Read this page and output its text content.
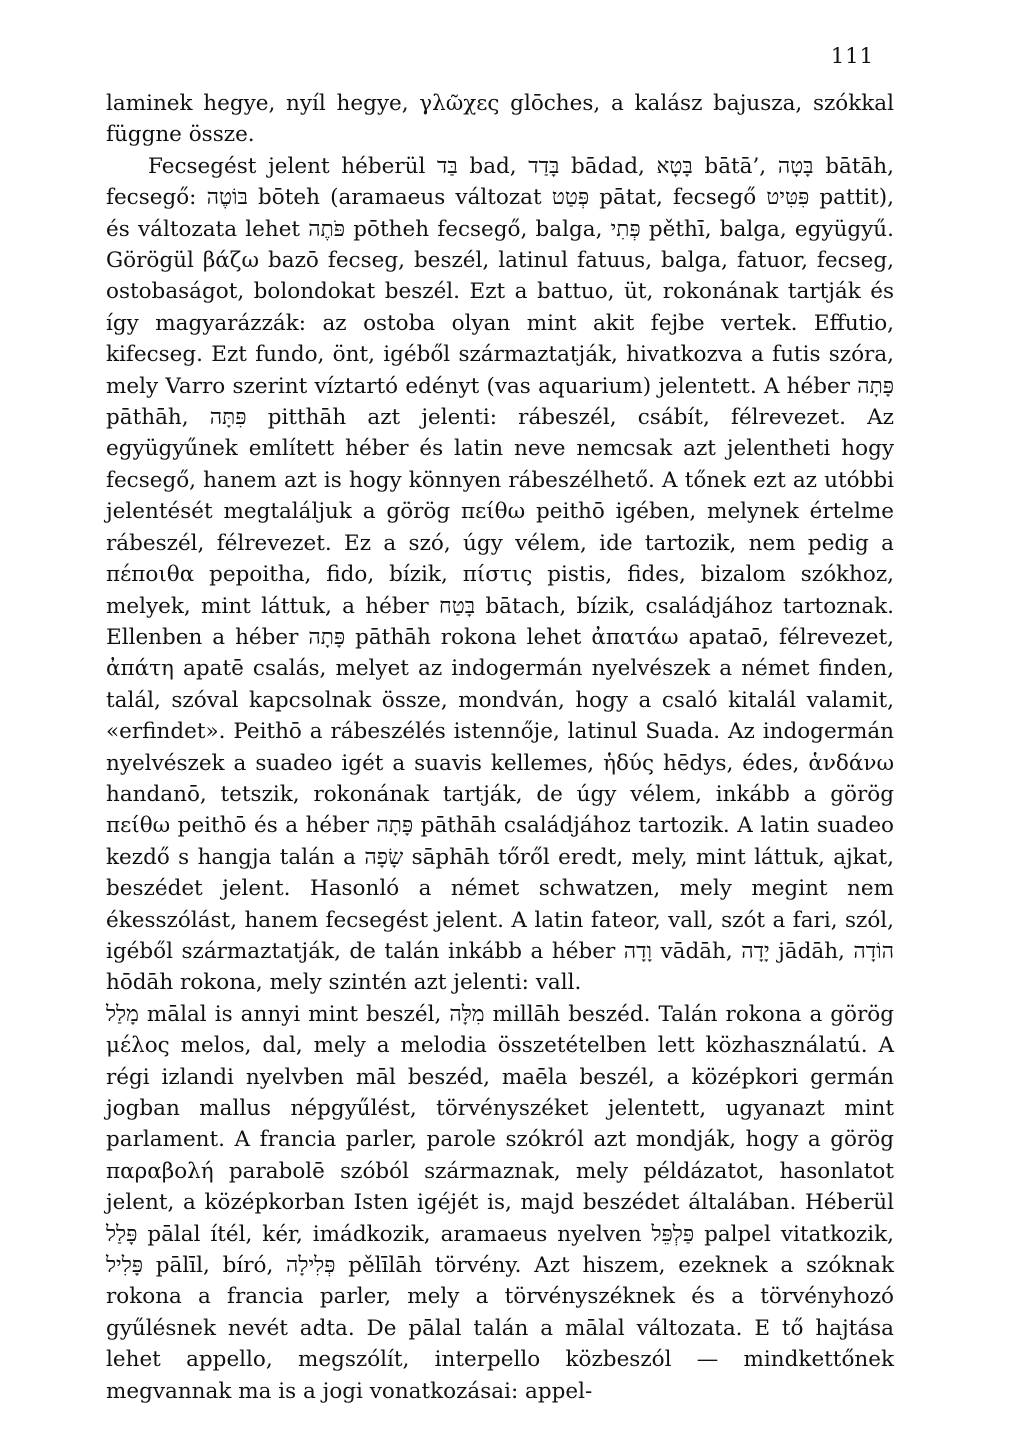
111

laminek hegye, nyíl hegye, γλῶχες glōches, a kalász bajusza, szókkal függne össze.

Fecsegést jelent héberül בַּד bad, בָּדַד bādad, בָּטָא bātā’, בָּטָה bātāh, fecsegő: בּוֹטֶה bōteh (aramaeus változat פְּטַט pātat, fecsegő פִּטִּיט pattit), és változata lehet פֹּתֶה pōtheh fecsegő, balga, פְּתִי pěthī, balga, együgyű. Görögül βάζω bazō fecseg, beszél, latinul fatuus, balga, fatuor, fecseg, ostobaságot, bolondokat beszél. Ezt a battuo, üt, rokonának tartják és így magyarázzák: az ostoba olyan mint akit fejbe vertek. Effutio, kifecseg. Ezt fundo, önt, igéből származtatják, hivatkozva a futis szóra, mely Varro szerint víztartó edényt (vas aquarium) jelentett. A héber פָּתָה pāthāh, פִּתָּה pitthāh azt jelenti: rábeszél, csábít, félrevezet. Az együgyűnek említett héber és latin neve nemcsak azt jelentheti hogy fecsegő, hanem azt is hogy könnyen rábeszélhető. A tőnek ezt az utóbbi jelentését megtaláljuk a görög πείθω peithō igében, melynek értelme rábeszél, félrevezet. Ez a szó, úgy vélem, ide tartozik, nem pedig a πέποιθα pepoitha, fido, bízik, πίστις pistis, fides, bizalom szókhoz, melyek, mint láttuk, a héber בָּטַח bātach, bízik, családjához tartoznak. Ellenben a héber פָּתָה pāthāh rokona lehet ἀπατάω apataō, félrevezet, ἀπάτη apatē csalás, melyet az indogermán nyelvészek a német finden, talál, szóval kapcsolnak össze, mondván, hogy a csaló kitalál valamit, «erfindet». Peithō a rábeszélés istennője, latinul Suada. Az indogermán nyelvészek a suadeo igét a suavis kellemes, ἡδύς hēdys, édes, ἁνδάνω handanō, tetszik, rokonának tartják, de úgy vélem, inkább a görög πείθω peithō és a héber פָּתָה pāthāh családjához tartozik. A latin suadeo kezdő s hangja talán a שָׂפָה sāphāh tőről eredt, mely, mint láttuk, ajkat, beszédet jelent. Hasonló a német schwatzen, mely megint nem ékesszólást, hanem fecsegést jelent. A latin fateor, vall, szót a fari, szól, igéből származtatják, de talán inkább a héber וָדָה vādāh, יָדָה jādāh, הוֹדָה hōdāh rokona, mely szintén azt jelenti: vall.

מָלַל mālal is annyi mint beszél, מִלָּה millāh beszéd. Talán rokona a görög μέλος melos, dal, mely a melodia összetételben lett közhasználatú. A régi izlandi nyelvben māl beszéd, maēla beszél, a középkori germán jogban mallus népgyűlést, törvényszéket jelentett, ugyanazt mint parlament. A francia parler, parole szókról azt mondják, hogy a görög παραβολή parabolē szóból származnak, mely példázatot, hasonlatot jelent, a középkorban Isten igéjét is, majd beszédet általában. Héberül פָּלַל pālal ítél, kér, imádkozik, aramaeus nyelven פַּלְפֵּל palpel vitatkozik, פָּלִיל pālīl, bíró, פְּלִילָה pělīlāh törvény. Azt hiszem, ezeknek a szóknak rokona a francia parler, mely a törvényszéknek és a törvényhozó gyűlésnek nevét adta. De pālal talán a mālal változata. E tő hajtása lehet appello, megszólít, interpello közbeszól — mindkettőnek megvannak ma is a jogi vonatkozásai: appel-
